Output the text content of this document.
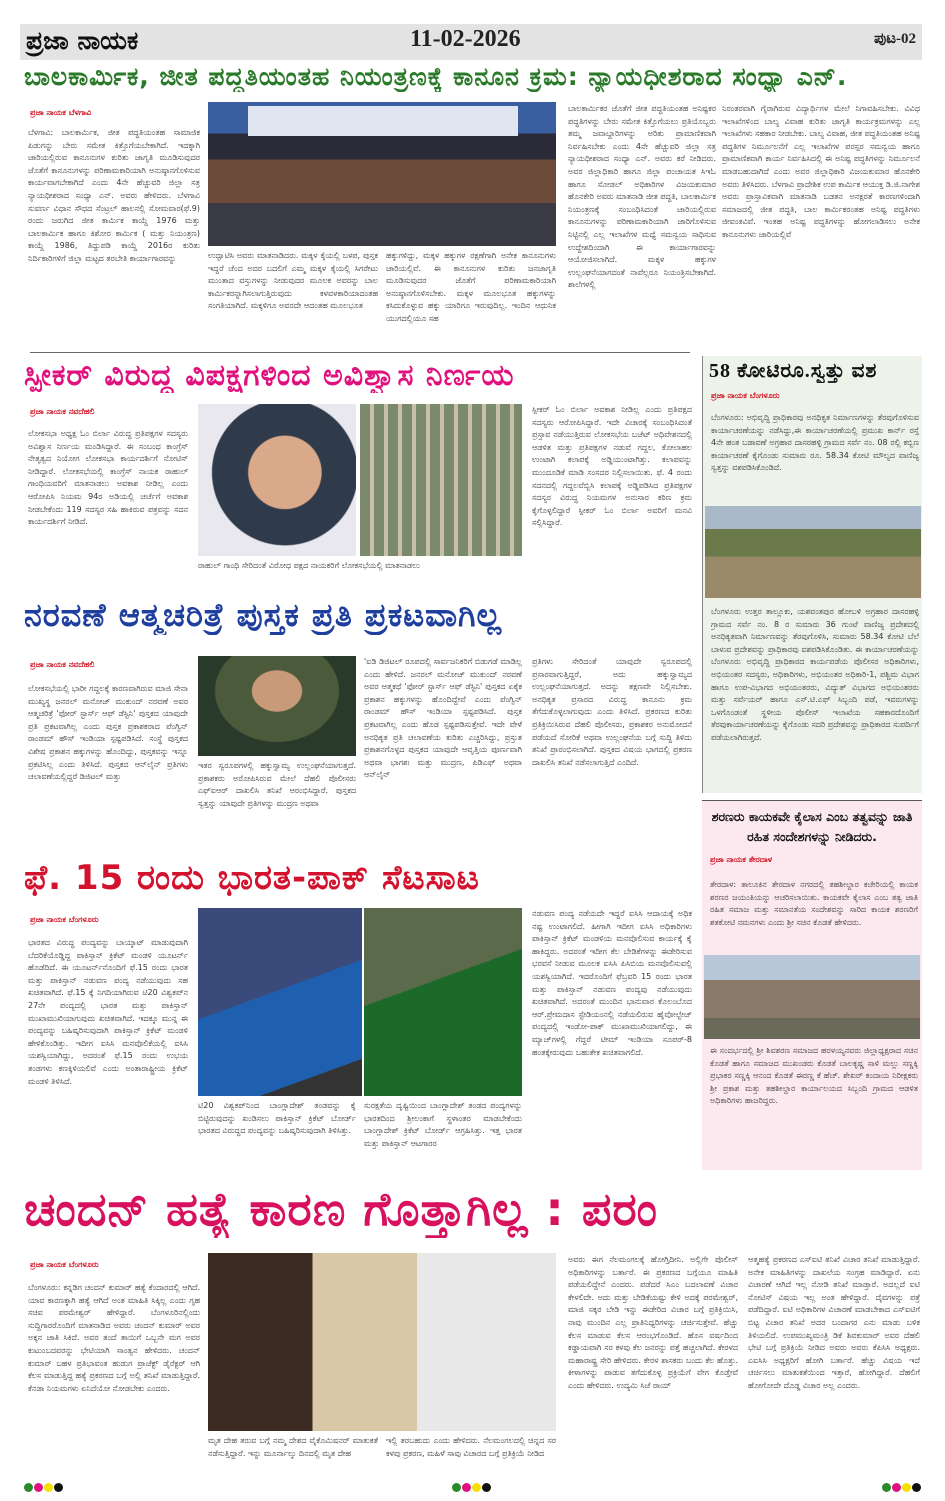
ಪ್ರಜಾ ನಾಯಕ	11-02-2026	ಪುಟ-02
ಬಾಲಕಾರ್ಮಿಕ, ಜೀತ ಪದ್ಧತಿಯಂತಹ ನಿಯಂತ್ರಣಕ್ಕೆ ಕಾನೂನ ಕ್ರಮ: ನ್ಯಾಯಧೀಶರಾದ ಸಂಧ್ಯಾ ಎನ್.
ಪ್ರಜಾ ನಾಯಕ ಬೆಳಗಾವಿ
ಬೆಳಗಾವಿ: ಬಾಲಕಾರ್ಮಿಕ, ಜೀತ ಪದ್ಧತಿಯಂತಹ ಸಾಮಾಜಿಕ ಪಿಡುಗನ್ನು ಬೇರು ಸಮೇತ ಕಿತ್ತೊಗೆಯಬೇಕಾಗಿದೆ. ಇದಕ್ಕಾಗಿ ಜಾರಿಯಲ್ಲಿರುವ ಕಾನೂನುಗಳ ಕುರಿತು ಜಾಗೃತಿ ಮೂಡಿಸುವುದರ ಜೊತೆಗೆ ಕಾನೂನುಗಳನ್ನು ಪರಿಣಾಮಕಾರಿಯಾಗಿ ಅನುಷ್ಠಾನಗೊಳಿಸುವ ಕಾರ್ಯವಾಗಬೇಕಾಗಿದೆ ಎಂದು 4ನೇ ಹೆಚ್ಚುವರಿ ಜಿಲ್ಲಾ ಸತ್ರ ನ್ಯಾಯಧೀಶರಾದ ಸಂಧ್ಯಾ ಎನ್. ಅವರು ಹೇಳಿದರು. ಬೆಳಗಾವಿ ಸುವರ್ಣ ವಿಧಾನ ಸೌಧದ ಸೆಂಟ್ರಲ್ ಹಾಲನಲ್ಲಿ ಸೋಮವಾರ(ಫೆ.9) ರಂದು ಜರುಗಿದ ಜೀತ ಕಾರ್ಮಿಕ ಕಾಯ್ದೆ 1976 ಮತ್ತು ಬಾಲಕಾರ್ಮಿಕ ಹಾಗೂ ಕಿಶೋರ ಕಾರ್ಮಿಕ ( ಮತ್ತು ನಿಯಂತ್ರಣ) ಕಾಯ್ದೆ 1986, ತಿದ್ದುಪಡಿ ಕಾಯ್ದೆ 2016ರ ಕುರಿತು ನಿರ್ದಿಕಾರಿಗಳಿಗೆ ಜಿಲ್ಲಾ ಮಟ್ಟದ ತರಬೇತಿ ಕಾರ್ಯಾಗಾರವನ್ನು	ಉದ್ಘಾಟಿಸಿ ಅವರು ಮಾತನಾಡಿದರು. ಮಕ್ಕಳ ಕೈಯಲ್ಲಿ ಬಳಪ, ಪುಸ್ತಕ ಇದ್ದರೆ ಚೆಂದ ಅದರ ಬದಲಿಗೆ ಎಮ್ಮ ಮಕ್ಕಳ ಕೈಯಲ್ಲಿ ಸಿಗರೇಟು ಮುಂತಾದ ವಸ್ತುಗಳನ್ನು ನೀಡುವುದರ ಮೂಲಕ ಅವರನ್ನು ಬಾಲ ಕಾರ್ಮಿಕರನ್ನಾಗಿಸಲಾಗುತ್ತಿರುವುದು ಕಳವಳಕಾರಿಯಾದಂತಹ ಸಂಗತಿಯಾಗಿದೆ. ಮಕ್ಕಳಿಗೂ ಅವರದೇ ಆದಂತಹ ಮೂಲಭೂತ
ಹಕ್ಕುಗಳಿದ್ದು, ಮಕ್ಕಳ ಹಕ್ಕುಗಳ ರಕ್ಷಣೆಗಾಗಿ ಅನೇಕ ಕಾನೂನುಗಳು ಜಾರಿಯಲ್ಲಿವೆ. ಈ ಕಾನೂನುಗಳ ಕುರಿತು ಜನಜಾಗೃತಿ ಮೂಡಿಸುವುದರ ಜೊತೆಗೆ ಪರಿಣಾಮಕಾರಿಯಾಗಿ ಅನುಷ್ಠಾನಗೊಳಿಸಬೇಕು. ಮಕ್ಕಳ ಮೂಲಭೂತ ಹಕ್ಕುಗಳನ್ನು ಕಸಿದುಕೊಳ್ಳುವ ಹಕ್ಕು ಯಾರಿಗೂ ಇರುವುದಿಲ್ಲ. ಇಂದಿನ ಆಧುನಿಕ ಯುಗದಲ್ಲಿಯೂ ಸಹ
ಬಾಲಕಾರ್ಮಿಕರ ಜೊತೆಗೆ ಜೀತ ಪದ್ಧತಿಯಂತಹ ಅನಿಷ್ಟಕರ ಪದ್ಧತಿಗಳನ್ನು ಬೇರು ಸಮೇತ ಕಿತ್ತೊಗೆಯಲು ಪ್ರತಿಯೊಬ್ಬರು ತಮ್ಮ ಜವಾಬ್ದಾರಿಗಳನ್ನು ಅರಿತು ಪ್ರಾಮಾಣಿಕವಾಗಿ ನಿರ್ವಹಿಸಬೇಕು ಎಂದು 4ನೇ ಹೆಚ್ಚುವರಿ ಜಿಲ್ಲಾ ಸತ್ರ ನ್ಯಾಯಧೀಶರಾದ ಸಂಧ್ಯಾ ಎನ್. ಅವರು ಕರೆ ನೀಡಿದರು. ಅವರ ಜಿಲ್ಲಾಧಿಕಾರಿ ಹಾಗೂ ಜಿಲ್ಲಾ ಪಂಚಾಯತ ಸಿಇಓ ಹಾಗೂ ಸೋಡಲ್ ಅಧಿಕಾರಿಗಳ ವಿಜಯಕುಮಾರ ಹೊನಕೇರಿ ಅವರು ಮಾತನಾಡಿ ಜೀತ ಪದ್ಧತಿ, ಬಾಲಕಾರ್ಮಿಕ ನಿಯಂತ್ರಣಕ್ಕೆ ಸಂಬಂಧಿಸಿದಂತೆ ಜಾರಿಯಲ್ಲಿರುವ ಕಾನೂನುಗಳನ್ನು ಪರಿಣಾಮಕಾರಿಯಾಗಿ ಜಾರಿಗೊಳಿಸುವ ನಿಟ್ಟಿನಲ್ಲಿ ಎಲ್ಲ ಇಲಾಖೆಗಳ ಮಧ್ಯೆ ಸಮನ್ವಯ ಸಾಧಿಸುವ ಉದ್ದೇಶದಿಂದಾಗಿ ಈ ಕಾರ್ಯಾಗಾರವನ್ನು ಆಯೋಜಿಸಲಾಗಿದೆ. ಮಕ್ಕಳ ಹಕ್ಕುಗಳ ಉಲ್ಲಂಘನೆಯಾಗದಂತೆ ನಾವೆಲ್ಲರೂ ನಿಯಂತ್ರಿಸಬೇಕಾಗಿದೆ. ಶಾಲೆಗಳಲ್ಲಿ
ನಿರಂತರವಾಗಿ ಗೈರಾಗಿರುವ ವಿದ್ಯಾರ್ಥಿಗಳ ಮೇಲೆ ನಿಗಾವಹಿಸಬೇಕು. ವಿವಿಧ ಇಲಾಖೆಗಳಿಂದ ಬಾಲ್ಯ ವಿವಾಹ ಕುರಿತು ಜಾಗೃತಿ ಕಾರ್ಯಕ್ರಮಗಳನ್ನು ಎಲ್ಲ ಇಲಾಖೆಗಳು ಸಹಕಾರ ನೀಡಬೇಕು. ಬಾಲ್ಯ ವಿವಾಹ, ಜೀತ ಪದ್ಧತಿಯಂತಹ ಅನಿಷ್ಟ ಪದ್ಧತಿಗಳ ನಿರ್ಮೂಲನೆಗೆ ಎಲ್ಲ ಇಲಾಖೆಗಳ ಪರಸ್ಪರ ಸಮನ್ವಯ ಹಾಗೂ ಪ್ರಾಮಾಣಿಕವಾಗಿ ಕಾರ್ಯ ನಿರ್ವಹಿಸಿದಲ್ಲಿ ಈ ಅನಿಷ್ಟ ಪದ್ಧತಿಗಳನ್ನು ನಿರ್ಮೂಲನೆ ಮಾಡಬಹುದಾಗಿದೆ ಎಂದು ಅವರ ಜಿಲ್ಲಾಧಿಕಾರಿ ವಿಜಯಕುಮಾರ ಹೊನಕೇರಿ ಅವರು ತಿಳಿಸಿದರು. ಬೆಳಗಾವಿ ಪ್ರಾದೇಶಿಕ ಉಪ ಕಾರ್ಮಿಕ ಆಯುಕ್ತ ಡಿ.ಜಿ.ನಾಗೇಶ ಅವರು ಪ್ರಾಸ್ತಾವಿಕವಾಗಿ ಮಾತನಾಡಿ ಬಡತನ ಅನಕ್ಷರತೆ ಕಾರಣಗಳಿಂದಾಗಿ ಸಮಾಜದಲ್ಲಿ ಜೀತ ಪದ್ಧತಿ, ಬಾಲ ಕಾರ್ಮಿಕರಂತಹ ಅನಿಷ್ಟ ಪದ್ಧತಿಗಳು ಜೀವಂತವಿವೆ. ಇಂತಹ ಅನಿಷ್ಟ ಪದ್ಧತಿಗಳನ್ನು ಹೋಗಲಾಡಿಸಲು ಅನೇಕ ಕಾನೂನುಗಳು ಜಾರಿಯಲ್ಲಿವೆ
ಸ್ಪೀಕರ್ ವಿರುದ್ಧ ವಿಪಕ್ಷಗಳಿಂದ ಅವಿಶ್ವಾಸ ನಿರ್ಣಯ
ಪ್ರಜಾ ನಾಯಕ ನವದೆಹಲಿ
ಲೋಕಸಭಾ ಅಧ್ಯಕ್ಷ ಓಂ ಬಿರ್ಲಾ ವಿರುದ್ಧ ಪ್ರತಿಪಕ್ಷಗಳ ಸದಸ್ಯರು ಅವಿಶ್ವಾಸ ನಿರ್ಣಯ ಮಂಡಿಸಿದ್ದಾರೆ. ಈ ಸಂಬಂಧ ಕಾಂಗ್ರೆಸ್ ನೇತೃತ್ವದ ನಿಯೋಗ ಲೋಕಸಭಾ ಕಾರ್ಯದರ್ಶಿಗೆ ನೋಟಿಸ್ ನೀಡಿದ್ದಾರೆ. ಲೋಕಸಭೆಯಲ್ಲಿ ಕಾಂಗ್ರೆಸ್ ನಾಯಕ ರಾಹುಲ್ ಗಾಂಧಿಯವರಿಗೆ ಮಾತನಾಡಲು ಅವಕಾಶ ನೀಡಿಲ್ಲ ಎಂದು ಆರೋಪಿಸಿ ನಿಯಮ 94ರ ಅಡಿಯಲ್ಲಿ ಚರ್ಚೆಗೆ ಅವಕಾಶ ನೀಡಬೇಕೆಂದು 119 ಸದಸ್ಯರ ಸಹಿ ಹಾಕಿರುವ ಪತ್ರವನ್ನು ಸದನ ಕಾರ್ಯದರ್ಶಿಗೆ ನೀಡಿದೆ.
ರಾಹುಲ್ ಗಾಂಧಿ ಸೇರಿದಂತೆ ವಿರೋಧ ಪಕ್ಷದ ನಾಯಕರಿಗೆ ಲೋಕಸಭೆಯಲ್ಲಿ ಮಾತನಾಡಲು
ಸ್ಪೀಕರ್ ಓಂ ಬಿರ್ಲಾ ಅವಕಾಶ ನೀಡಿಲ್ಲ ಎಂದು ಪ್ರತಿಪಕ್ಷದ ಸದಸ್ಯರು ಆರೋಪಿಸಿದ್ದಾರೆ. ಇದೇ ವಿಚಾರಕ್ಕೆ ಸಂಬಂಧಿಸಿದಂತೆ ಪ್ರಸ್ತಾವ ನಡೆಯುತ್ತಿರುವ ಲೋಕಸಭೆಯ ಬಜೆಟ್ ಅಧಿವೇಶನದಲ್ಲಿ ಆಡಳಿತ ಮತ್ತು ಪ್ರತಿಪಕ್ಷಗಳ ನಡುವೆ ಗದ್ದಲ, ಕೋಲಾಹಲ ಉಂಟಾಗಿ ಕಲಾಪಕ್ಕೆ ಅಡ್ಡಿಯುಂಟಾಗಿತ್ತು. ಕಲಾಪವನ್ನು ಮುಂದೂಡಿಕೆ ಮಾಡಿ ಸಂಸದರ ನಿಲ್ಲಿಸಲಾಯಿತು. ಫೆ. 4 ರಂದು ಸದನದಲ್ಲಿ ಗದ್ದಲವೆಬ್ಬಿಸಿ ಕಲಾಪಕ್ಕೆ ಅಡ್ಡಿಪಡಿಸಿದ ಪ್ರತಿಪಕ್ಷಗಳ ಸದಸ್ಯರ ವಿರುದ್ಧ ನಿಯಮಗಳ ಅನುಸಾರ ಕಠಿಣ ಕ್ರಮ ಕೈಗೊಳ್ಳಲಿದ್ದಾರೆ ಸ್ಪೀಕರ್ ಓಂ ಬಿರ್ಲಾ ಅವರಿಗೆ ಮನವಿ ಸಲ್ಲಿಸಿದ್ದಾರೆ.
58 ಕೋಟಿರೂ.ಸ್ವತ್ತು ವಶ
ಪ್ರಜಾ ನಾಯಕ ಬೆಂಗಳೂರು
ಬೆಂಗಳೂರು: ಅಭಿವೃದ್ಧಿ ಪ್ರಾಧಿಕಾರವು ಅನಧಿಕೃತ ನಿರ್ಮಾಣಗಳನ್ನು ತೆರವುಗೊಳಿಸುವ ಕಾರ್ಯಾಚರಣೆಯನ್ನು ನಡೆಸಿದ್ದು,ಈ ಕಾರ್ಯಾಚರಣೆಯಲ್ಲಿ ಪ್ರಮುಖ ಕಾರ್ನ್ ರಸ್ತೆ 4ನೇ ಹಂತ ಬಡಾವಣೆ ಅಗ್ರಹಾರ ದಾಸರಹಳ್ಳಿ ಗ್ರಾಮದ ಸರ್ವೆ ನಂ. 08 ರಲ್ಲಿ ಕಬ್ಬಿಣ ಕಾರ್ಯಾಚರಣೆ ಕೈಗೊಂಡು ಸುಮಾರು ರೂ. 58.34 ಕೋಟಿ ಮೌಲ್ಯದ ವಾಣಿಜ್ಯ ಸ್ವತ್ತನ್ನು ವಶಪಡಿಸಿಕೊಂಡಿದೆ.
ಬೆಂಗಳೂರು ಉತ್ತರ ತಾಲ್ಲೂಕು, ಯಶವಂತಪುರ ಹೋಬಳಿ ಅಗ್ರಹಾರ ದಾಸರಹಳ್ಳಿ ಗ್ರಾಮದ ಸರ್ವೆ ನಂ. 8 ರ ಸುಮಾರು 36 ಗುಂಟೆ ವಾಣಿಜ್ಯ ಪ್ರದೇಶದಲ್ಲಿ ಅನಧಿಕೃತವಾಗಿ ನಿರ್ಮಾಣವನ್ನು ತೆರವುಗೊಳಿಸಿ, ಸುಮಾರು 58.34 ಕೋಟಿ ಬೆಲೆ ಬಾಳುವ ಪ್ರದೇಶವನ್ನು ಪ್ರಾಧಿಕಾರವು ವಶಪಡಿಸಿಕೊಂಡಿತು. ಈ ಕಾರ್ಯಾಚರಣೆಯನ್ನು ಬೆಂಗಳೂರು ಅಭಿವೃದ್ಧಿ ಪ್ರಾಧಿಕಾರದ ಕಾರ್ಯಪಡೆಯ ಪೊಲೀಸರ ಅಧಿಕಾರಿಗಳು, ಅಭಿಯಂತರ ಸದಸ್ಯರು, ಅಧಿಕಾರಿಗಳು, ಅಭಿಯಂತರ ಅಧಿಕಾರಿ-1, ಪಶ್ಚಿಮ ವಿಭಾಗ ಹಾಗೂ ಉಪ-ವಿಭಾಗದ ಅಭಿಯಂತರರು, ವಿದ್ಯುತ್ ವಿಭಾಗದ ಅಭಿಯಂತರರು ಮತ್ತು ಸರ್ವೆಯರ್ ಹಾಗೂ ಎಸ್.ಟಿ.ಎಫ್ ಸಿಬ್ಬಂದಿ ಪಡೆ, ಇವರುಗಳನ್ನು ಒಳಗೊಂಡಂತೆ ಸ್ಥಳೀಯ ಪೊಲೀಸ್ ಇಲಾಖೆಯ ಸಹಕಾರದೊಂದಿಗೆ ತೆರವುಕಾರ್ಯಾಚರಣೆಯನ್ನು ಕೈಗೊಂಡು ಸದರಿ ಪ್ರದೇಶವನ್ನು ಪ್ರಾಧಿಕಾರದ ಸುಪರ್ದಿಗೆ ಪಡೆಯಲಾಗಿರುತ್ತದೆ.
ನರವಣೆ ಆತ್ಮಚರಿತ್ರೆ ಪುಸ್ತಕ ಪ್ರತಿ ಪ್ರಕಟವಾಗಿಲ್ಲ
ಪ್ರಜಾ ನಾಯಕ ನವದೆಹಲಿ
ಲೋಕಸಭೆಯಲ್ಲಿ ಭಾರೀ ಗದ್ದಲಕ್ಕೆ ಕಾರಣವಾಗಿರುವ ಮಾಜಿ ಸೇನಾ ಮುಖ್ಯಸ್ಥ ಜನರಲ್ ಮನೋಜ್ ಮುಕುಂದ್ ನರವಣೆ ಅವರ ಆತ್ಮಚರಿತ್ರೆ 'ಫೋರ್ ಸ್ಟಾರ್ಸ್ ಆಫ್ ಡೆಸ್ಟಿನಿ' ಪುಸ್ತಕದ ಯಾವುದೇ ಪ್ರತಿ ಪ್ರಕಟವಾಗಿಲ್ಲ ಎಂದು ಪುಸ್ತಕ ಪ್ರಕಾಶಕರಾದ ಪೆಂಗ್ವಿನ್ ರಾಂಡಮ್ ಹೌಸ್ ಇಂಡಿಯಾ ಸ್ಪಷ್ಟಪಡಿಸಿದೆ. ಸಂಸ್ಥೆ ಪುಸ್ತಕದ ವಿಶೇಷ ಪ್ರಕಾಶನ ಹಕ್ಕುಗಳನ್ನು ಹೊಂದಿದ್ದು, ಪುಸ್ತಕವನ್ನು ಇನ್ನೂ ಪ್ರಕಟಿಸಿಲ್ಲ ಎಂದು ತಿಳಿಸಿದೆ. ಪುಸ್ತಕದ ಆನ್‌ಲೈನ್ ಪ್ರತಿಗಳು ಚಲಾವಣೆಯಲ್ಲಿದ್ದರೆ ಡಿಜಿಟಲ್ ಮತ್ತು
ಇತರ ಸ್ವರೂಪಗಳಲ್ಲಿ ಹಕ್ಕುಸ್ವಾಮ್ಯ ಉಲ್ಲಂಘನೆಯಾಗುತ್ತದೆ. ಪ್ರಕಾಶಕರು ಅರೋಪಿಸಿರುವ ಮೇಲೆ ದೆಹಲಿ ಪೊಲೀಸರು ಎಫ್‌ಐಆರ್ ದಾಖಲಿಸಿ ತನಿಖೆ ಆರಂಭಿಸಿದ್ದಾರೆ. ಪುಸ್ತಕದ ಸ್ವತ್ತನ್ನು ಯಾವುದೇ ಪ್ರತಿಗಳನ್ನು ಮುದ್ರಣ ಅಥವಾ
'ಐಡಿ ಡಿಜಿಟಲ್ ರೂಪದಲ್ಲಿ ಸಾರ್ವಜನಿಕರಿಗೆ ಬಿಡುಗಡೆ ಮಾಡಿಲ್ಲ ಎಂದು ಹೇಳಿದೆ. ಜನರಲ್ ಮನೋಜ್ ಮುಕುಂದ್ ನರವಣೆ ಅವರ ಆತ್ಮಕಥೆ 'ಫೋರ್ ಸ್ಟಾರ್ಸ್ ಆಫ್ ಡೆಸ್ಟಿನಿ' ಪುಸ್ತಕದ ಏಕೈಕ ಪ್ರಕಾಶನ ಹಕ್ಕುಗಳನ್ನು ಹೊಂದಿದ್ದೇವೆ ಎಂದು ಪೆಂಗ್ವಿನ್ ರಾಂಡಮ್ ಹೌಸ್ ಇಂಡಿಯಾ ಸ್ಪಷ್ಟಪಡಿಸಿದೆ. ಪುಸ್ತಕ ಪ್ರಕಟವಾಗಿಲ್ಲ ಎಂದು ಹೊಡ ಸ್ಪಷ್ಟಪಡಿಸುತ್ತೇವೆ. ಇದೇ ವೇಳೆ ಅನಧಿಕೃತ ಪ್ರತಿ ಚಲಾವಣೆಯ ಕುರಿತು ಎಚ್ಚರಿಸಿದ್ದು, ಪ್ರಸ್ತುತ ಪ್ರಕಾಶನಗೊಳ್ಳದ ಪುಸ್ತಕದ ಯಾವುದೇ ಆವೃತ್ತಿಯ ಪೂರ್ಣವಾಗಿ ಅಥವಾ ಭಾಗಶಃ ಮತ್ತು ಮುದ್ರಣ, ಪಿಡಿಎಫ್ ಅಥವಾ ಆನ್‌ಲೈನ್
ಪ್ರತಿಗಳು ಸೇರಿದಂತೆ ಯಾವುದೇ ಸ್ವರೂಪದಲ್ಲಿ ಪ್ರಸಾರವಾಗುತ್ತಿದ್ದರೆ, ಅದು ಹಕ್ಕುಸ್ವಾಮ್ಯದ ಉಲ್ಲಂಘನೆಯಾಗುತ್ತದೆ. ಅದನ್ನು ತಕ್ಷಣವೇ ನಿಲ್ಲಿಸಬೇಕು. ಅನಧಿಕೃತ ಪ್ರಸಾರದ ವಿರುದ್ಧ ಕಾನೂನು ಕ್ರಮ ತೆಗೆದುಕೊಳ್ಳಲಾಗುವುದು ಎಂದು ತಿಳಿಸಿದೆ. ಪ್ರಕರಣದ ಕುರಿತು ಪ್ರತಿಕ್ರಿಯಿಸಿರುವ ದೆಹಲಿ ಪೊಲೀಸರು, ಪ್ರಕಾಶಕರ ಅನುಮೋದನೆ ಪಡೆಯದೆ ಸೋರಿಕೆ ಅಥವಾ ಉಲ್ಲಂಘನೆಯ ಬಗ್ಗೆ ಸುದ್ದಿ ತಿಳಿದು ತನಿಖೆ ಪ್ರಾರಂಭಿಸಲಾಗಿದೆ. ಪುಸ್ತಕದ ವಿಷಯ ಭಾಗದಲ್ಲಿ ಪ್ರಕರಣ ದಾಖಲಿಸಿ ತನಿಖೆ ನಡೆಸಲಾಗುತ್ತಿದೆ ಎಂದಿದೆ.
ಶರಣರು ಕಾಯಕವೇ ಕೈಲಾಸ ಎಂಬ ತತ್ವವನ್ನು ಜಾತಿ ರಹಿತ ಸಂದೇಶಗಳನ್ನು ನೀಡಿದರು.
ಪ್ರಜಾ ನಾಯಕ ತೇರದಾಳ
ತೇರದಾಳ: ತಾಲೂಕಿನ ತೇರದಾಳ ನಗರದಲ್ಲಿ ತಹಶೀಲ್ದಾರ ಕಚೇರಿಯಲ್ಲಿ ಕಾಯಕ ಶರಣರ ಜಯಂತಿಯನ್ನು ಆಚರಿಸಲಾಯಿತು. ಕಾಯಕವೇ ಕೈಲಾಸ ಎಂಬ ತತ್ವ ಜಾತಿ ರಹಿತ ಸಮಾಜ ಮತ್ತು ಸಮಾನತೆಯ ಸಂದೇಶವನ್ನು ಸಾರಿದ ಕಾಯಕ ಶರಣರಿಗೆ ಶತಕೋಟಿ ನಮನಗಳು ಎಂದು ಶ್ರೀ ಸಚಿನ ಕೊಡತೆ ಹೇಳಿದರು.
ಈ ಸಂದರ್ಭದಲ್ಲಿ ಶ್ರೀ ಶಿವಶರಣ ಸಮಾಜದ ಹರಳಯ್ಯನವರು ಜಿಲ್ಲಾಧ್ಯಕ್ಷರಾದ ಸಚಿನ ಕೊಡತೆ ಹಾಗೂ ಸಮಾಜದ ಮುಖಂಡರು ಕೊಡತೆ ಬಾಲಕೃಷ್ಣ ಸಾಳಿ ಮಲ್ಲು ಸಣ್ಣಕ್ಕಿ ಪ್ರಭಾಕರ ಸಣ್ಣಕ್ಕಿ ಆನಂದ ಕೊಡತೆ ಈರಣ್ಣ ಕೆ ಹೆಚ್. ಶೇಖರ್ ಕಂದಾಯ ನಿರೀಕ್ಷಕರು ಶ್ರೀ ಪ್ರಕಾಶ ಮತ್ತು ತಹಶೀಲ್ದಾರ ಕಾರ್ಯಾಲಯದ ಸಿಬ್ಬಂದಿ ಗ್ರಾಮದ ಆಡಳಿತ ಅಧಿಕಾರಿಗಳು ಹಾಜರಿದ್ದರು.
ಫೆ. 15 ರಂದು ಭಾರತ-ಪಾಕ್ ಸೆಟಸಾಟ
ಪ್ರಜಾ ನಾಯಕ ಬೆಂಗಳೂರು
ಭಾರತದ ವಿರುದ್ಧ ಪಂದ್ಯವನ್ನು ಬಾಯ್ಕಾಟ್ ಮಾಡುವುದಾಗಿ ಬೆದರಿಕೆಯೊಡ್ಡಿದ್ದ ಪಾಕಿಸ್ತಾನ್ ಕ್ರಿಕೆಟ್ ಮಂಡಳಿ ಯೂಟರ್ನ್ ಹೊಡೆದಿದೆ. ಈ ಯೂಟರ್ನ್‌ನೊಂದಿಗೆ ಫೆ.15 ರಂದು ಭಾರತ ಮತ್ತು ಪಾಕಿಸ್ತಾನ್ ನಡುವಣ ಪಂದ್ಯ ನಡೆಯುವುದು ಸಹ ಖಚಿತವಾಗಿದೆ. ಫೆ.15 ಕ್ಕೆ ನಿಗದಿಯಾಗಿರುವ ಟಿ20 ವಿಶ್ವಕಪ್‌ನ 27ನೇ ಪಂದ್ಯದಲ್ಲಿ ಭಾರತ ಮತ್ತು ಪಾಕಿಸ್ತಾನ್ ಮುಖಾಮುಖಿಯಾಗುವುದು ಖಚಿತವಾಗಿದೆ. ಇದಕ್ಕೂ ಮುನ್ನ ಈ ಪಂದ್ಯವನ್ನು ಬಹಿಷ್ಕರಿಸುವುದಾಗಿ ಪಾಕಿಸ್ತಾನ್ ಕ್ರಿಕೆಟ್ ಮಂಡಳಿ ಹೇಳಿಕೊಂಡಿತ್ತು. ಇದೀಗ ಐಸಿಸಿ ಮನವೊಲಿಕೆಯಲ್ಲಿ ಐಸಿಸಿ ಯಶಸ್ವಿಯಾಗಿದ್ದು, ಅದರಂತೆ ಫೆ.15 ರಂದು ಉಭಯ ತಂಡಗಳು ಕಣಕ್ಕಿಳಿಯಲಿವೆ ಎಂದು ಅಂತಾರಾಷ್ಟ್ರೀಯ ಕ್ರಿಕೆಟ್ ಮಂಡಳಿ ತಿಳಿಸಿದೆ.
ಟಿ20 ವಿಶ್ವಕಪ್‌ನಿಂದ ಬಾಂಗ್ಲಾದೇಶ್ ತಂಡವನ್ನು ಕೈ ಬಿಟ್ಟಿರುವುದನ್ನು ಖಂಡಿಸಲು ಪಾಕಿಸ್ತಾನ್ ಕ್ರಿಕೆಟ್ ಬೋರ್ಡ್ ಭಾರತದ ವಿರುದ್ಧದ ಪಂದ್ಯವನ್ನು ಬಹಿಷ್ಕರಿಸುವುದಾಗಿ ತಿಳಿಸಿತ್ತು.
ಸುರಕ್ಷತೆಯ ದೃಷ್ಟಿಯಿಂದ ಬಾಂಗ್ಲಾದೇಶ್ ತಂಡದ ಪಂದ್ಯಗಳನ್ನು ಭಾರತದಿಂದ ಶ್ರೀಲಂಕಾಗೆ ಸ್ಥಳಾಂತರ ಮಾಡಬೇಕೆಂದು ಬಾಂಗ್ಲಾದೇಶ್ ಕ್ರಿಕೆಟ್ ಬೋರ್ಡ್ ಆಗ್ರಹಿಸಿತ್ತು. ಇತ್ತ ಭಾರತ ಮತ್ತು ಪಾಕಿಸ್ತಾನ್ ಆಟಗಾರರ
ನಡುವಣ ಪಂದ್ಯ ನಡೆಯದೇ ಇದ್ದರೆ ಐಸಿಸಿ ಆದಾಯಕ್ಕೆ ಅಧಿಕ ನಷ್ಟ ಉಂಟಾಗಲಿದೆ. ಹೀಗಾಗಿ ಇದೀಗ ಐಸಿಸಿ ಅಧಿಕಾರಿಗಳು ಪಾಕಿಸ್ತಾನ್ ಕ್ರಿಕೆಟ್ ಮಂಡಳಿಯ ಮನವೊಲಿಸುವ ಕಾರ್ಯಕ್ಕೆ ಕೈ ಹಾಕಿದ್ದರು. ಅದರಂತೆ ಇದೀಗ ಕೆಲ ಬೇಡಿಕೆಗಳನ್ನು ಈಡೇರಿಸುವ ಭರವಸೆ ನೀಡುವ ಮೂಲಕ ಐಸಿಸಿ ಪಿಸಿಬಿಯ ಮನವೊಲಿಸುವಲ್ಲಿ ಯಶಸ್ವಿಯಾಗಿದೆ. ಇದರೊಂದಿಗೆ ಫೆಬ್ರವರಿ 15 ರಂದು ಭಾರತ ಮತ್ತು ಪಾಕಿಸ್ತಾನ್ ನಡುವಣ ಪಂದ್ಯವು ನಡೆಯುವುದು ಖಚಿತವಾಗಿದೆ. ಅದರಂತೆ ಮುಂದಿನ ಭಾನುವಾರ ಕೊಲಂಬೊದ ಆರ್.ಪ್ರೇಮದಾಸ ಸ್ಟೇಡಿಯಂನಲ್ಲಿ ನಡೆಯಲಿರುವ ಹೈವೋಲ್ಟೇಜ್ ಪಂದ್ಯದಲ್ಲಿ ಇಂಡೋ-ಪಾಕ್ ಮುಖಾಮುಖಿಯಾಗಲಿದ್ದು, ಈ ಮ್ಯಾಚ್‌ಗಳಲ್ಲಿ ಗೆದ್ದರೆ ಟೀಮ್ ಇಂಡಿಯಾ ಸೂಪರ್-8 ಹಂತಕ್ಕೇರುವುದು ಬಹುತೇಕ ಖಚಿತವಾಗಲಿದೆ.
ಚಂದನ್ ಹತ್ಯೆ ಕಾರಣ ಗೊತ್ತಾಗಿಲ್ಲ : ಪರಂ
ಪ್ರಜಾ ನಾಯಕ ಬೆಂಗಳೂರು
ಬೆಂಗಳೂರು: ಕನ್ನಡಿಗ ಚಂದನ್ ಕುಮಾರ್ ಹತ್ಯೆ ಕೆಂದಾರದಲ್ಲಿ ಆಗಿದೆ. ಯಾವ ಕಾರಣಕ್ಕಾಗಿ ಹತ್ಯೆ ಆಗಿದೆ ಅಂತ ಮಾಹಿತಿ ಸಿಕ್ಕಿಲ್ಲ ಎಂದು ಗೃಹ ಸಚಿವ ಪರಮೇಶ್ವರ್ ಹೇಳಿದ್ದಾರೆ. ಬೆಂಗಳೂರಿನಲ್ಲಿಂದು ಸುದ್ದಿಗಾರರೊಂದಿಗೆ ಮಾತನಾಡಿದ ಅವರು ಚಂದನ್ ಕುಮಾರ್ ಅವರ ಅಕ್ಕನ ಜಾತಿ ಸಿಕಿದೆ. ಅವರ ತಂದೆ ತಾಯಿಗೆ ಒಬ್ಬನೇ ಮಗ ಅವರ ಕುಟುಂಬದವರನ್ನು ಭೇಟಿಯಾಗಿ ಸಾಂತ್ವನ ಹೇಳಿದರು. ಚಂದನ್ ಕುಮಾರ್ ಬಹಳ ಪ್ರತಿಭಾವಂತ ಹುಡುಗ ಪ್ರಾಜೆಕ್ಟ್ ಡೈರೆಕ್ಟರ್ ಆಗಿ ಕೆಲಸ ಮಾಡುತ್ತಿದ್ದ ಹತ್ಯೆ ಪ್ರಕರಣದ ಬಗ್ಗೆ ಅಲ್ಲಿ ತನಿಖೆ ಮಾಡುತ್ತಿದ್ದಾರೆ. ಕೆನಡಾ ನಿಯಮಗಳು ಏನಿದೆಯೋ ನೋಡಬೇಕು ಎಂದರು.
ಮೃತ ದೇಹ ತರುವ ಬಗ್ಗೆ ನಮ್ಮ ದೇಶದ ವೈಕೊಮಿಷನರ್ ಮಾತುಕತೆ ನಡೆಸುತ್ತಿದ್ದಾರೆ. ಇನ್ನು ಮೂರ್ನಾಲ್ಕು ದಿನದಲ್ಲಿ ಮೃತ ದೇಹ
ಇಲ್ಲಿ ತರಬಹುದು ಎಂದು ಹೇಳಿದರು. ನೆಲಮಂಗಲದಲ್ಲಿ ಚಿನ್ನದ ಸರ ಕಳವು ಪ್ರಕರಣ, ಮಹಿಳೆ ಸಾವು ವಿಚಾರದ ಬಗ್ಗೆ ಪ್ರತಿಕ್ರಿಯೆ ನೀಡಿದ
ಅವರು ಈಗ ನೆಲಮಂಗಲಕ್ಕೆ ಹೋಗ್ತಿದೀನಿ. ಅಲ್ಲಿಗೇ ಪೊಲೀಸ್ ಅಧಿಕಾರಿಗಳನ್ನು ಬರ್ತಾರೆ. ಈ ಪ್ರಕರಣದ ಬಗ್ಗೆಯೂ ಮಾಹಿತಿ ಪಡೆಯಲಿದ್ದೇನೆ ಎಂದರು. ಪಡೆದರೆ ಸಿಎಂ ಬದಲಾವಣೆ ವಿಚಾರ ಕೇಳಲಿದೇ. ಅದು ಮತ್ತು ಬೇಡಿಕೆಯಷ್ಟು ಕೇಳಿ ಅದಕ್ಕೆ ಪರಮೇಶ್ವರ್, ಮಾಜಿ ಸಕ್ಕರ ಬೇಡಿ ಇನ್ನು ಈಡೇರಿದ ವಿಚಾರ ಬಗ್ಗೆ ಪ್ರತಿಕ್ರಿಯಿಸಿ, ನಾವು ಮುಂದಿನ ಎಲ್ಲ ಪ್ರಾತಿನಿಧ್ಯರಿಗಳನ್ನು ಚರ್ಚಿಸುತ್ತೇವೆ. ಹೆಚ್ಚು ಕೆಲಸ ಮಾಡುವ ಕೆಲಸ ಆರಂಭಗೊಂಡಿದೆ. ಹೊಸ ವರ್ಷದಿಂದ ಕಡ್ಡಾಯವಾಗಿ ಸರ ಕಳವು ಕೆಲ ಜನರನ್ನು ಪತ್ತೆ ಹಚ್ಚಲಾಗಿದೆ. ಕೇರಳದ ಮಹಾರಾಷ್ಟ್ರ ಸೇರಿ ಹೇಳಿದರು. ಕೇರಳ ಶಾಸಕರು ಬಂದು ಕೆಲ ಹೊತ್ತು. ಕೀಳಾಗಳನ್ನು ಪಾಡುವ ತಗೆದುಕೊಳ್ಳ ಪ್ರಕ್ರಿಯೆಗೆ ವೇಗ ಕೊಡ್ತೇವೆ ಎಂದು ಹೇಳಿದರು. ಉದ್ಯಮಿ ಸಿಜೆ ರಾಯ್
ಆತ್ಮಹತ್ಯೆ ಪ್ರಕರಣದ ಎಸ್‌ಐಟಿ ತನಿಖೆ ವಿಚಾರ ತನಿಖೆ ಮಾಡುತ್ತಿದ್ದಾರೆ. ಅನೇಕ ಮಾಹಿತಿಗಳನ್ನು ದಾಖಲೆಯ ಸಂಗ್ರಹ ಮಾಡಿದ್ದಾರೆ. ಏನು ವಿಚಾರಣೆ ಆಗಿದೆ ಇಲ್ಲ ನೋಡಿ ತನಿಖೆ ಮಾಡ್ತಾರೆ. ಅದಲ್ಲದೆ ಐಟಿ ನೋಟಿಸ್ ವಿಷಯ ಇಲ್ಲ ಅಂತ ಹೇಳಿದ್ದಾರೆ. ದೈವಗಳನ್ನು ಪತ್ರೆ ಪಡೆದಿದ್ದಾರೆ. ಐಟಿ ಅಧಿಕಾರಿಗಳ ವಿಚಾರಣೆ ಮಾಡಬೇಕಾದ ಎಸ್‌ಐಟಿಗೆ ಬಿಟ್ಟ ವಿಚಾರ ತನಿಖೆ ಅದರ ಬಂದಾಗರ ಎನು ಮಾಡು ಬಳಿಕ ತಿಳಿಯಲಿದೆ. ಉಪಮುಖ್ಯಮಂತ್ರಿ ಡಿಕೆ ಶಿವಕುಮಾರ್ ಅವರ ದೆಹಲಿ ಭೇಟಿ ಬಗ್ಗೆ ಪ್ರತಿಕ್ರಿಯೆ ನೀಡಿದ ಅವರು ಅವರು ಕೆಪಿಸಿಸಿ ಅಧ್ಯಕ್ಷರು. ಎಐಸಿಸಿ ಅಧ್ಯಕ್ಷರಿಗೆ ಹೋಗಿ ಬರ್ತಾರೆ. ಹೆಚ್ಚು ವಿಷಯ ಇದೆ ಚರ್ಚಿಸಲು ಮಾತುಕತೆಯಿಂದ ಇತ್ತಾರೆ, ಹೋಗಿದ್ದಾರೆ. ದೆಹಲಿಗೆ ಹೋಗೋದೇ ದೊಡ್ಡ ವಿಚಾರ ಅಲ್ಲ ಎಂದರು.
